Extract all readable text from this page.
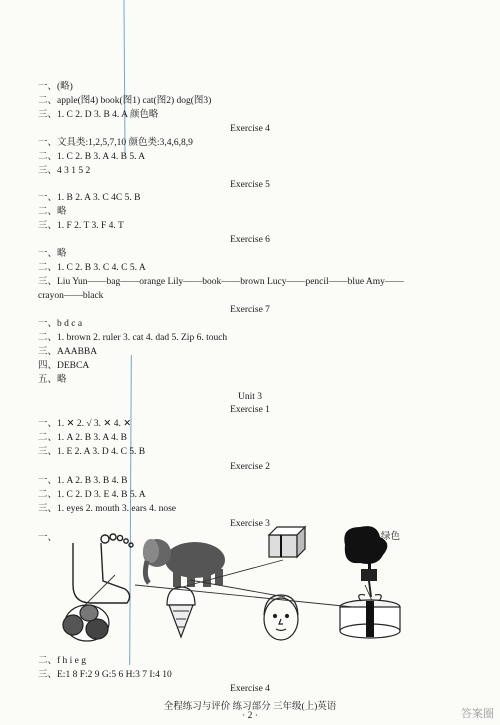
一、(略)
二、apple(图4) book(图1) cat(图2) dog(图3)
三、1. C 2. D 3. B 4. A 颜色略
Exercise 4
一、文具类:1,2,5,7,10 颜色类:3,4,6,8,9
二、1. C 2. B 3. A 4. B 5. A
三、4 3 1 5 2
Exercise 5
一、1. B 2. A 3. C 4C 5. B
二、略
三、1. F 2. T 3. F 4. T
Exercise 6
一、略
二、1. C 2. B 3. C 4. C 5. A
三、Liu Yun——bag——orange Lily——book——brown Lucy——pencil——blue Amy——
crayon——black
Exercise 7
一、b d c a
二、1. brown 2. ruler 3. cat 4. dad 5. Zip 6. touch
三、AAABBA
四、DEBCA
五、略
Unit 3
Exercise 1
一、1. ✕ 2. √ 3. ✕ 4. ✕
二、1. A 2. B 3. A 4. B
三、1. E 2. A 3. D 4. C 5. B
Exercise 2
一、1. A 2. B 3. B 4. B
二、1. C 2. D 3. E 4. B 5. A
三、1. eyes 2. mouth 3. ears 4. nose
Exercise 3
一、	绿色
二、f h i e g
三、E:1 8 F:2 9 G:5 6 H:3 7 I:4 10
Exercise 4
全程练习与评价 练习部分 三年级(上)英语
· 2 ·	答案圈
